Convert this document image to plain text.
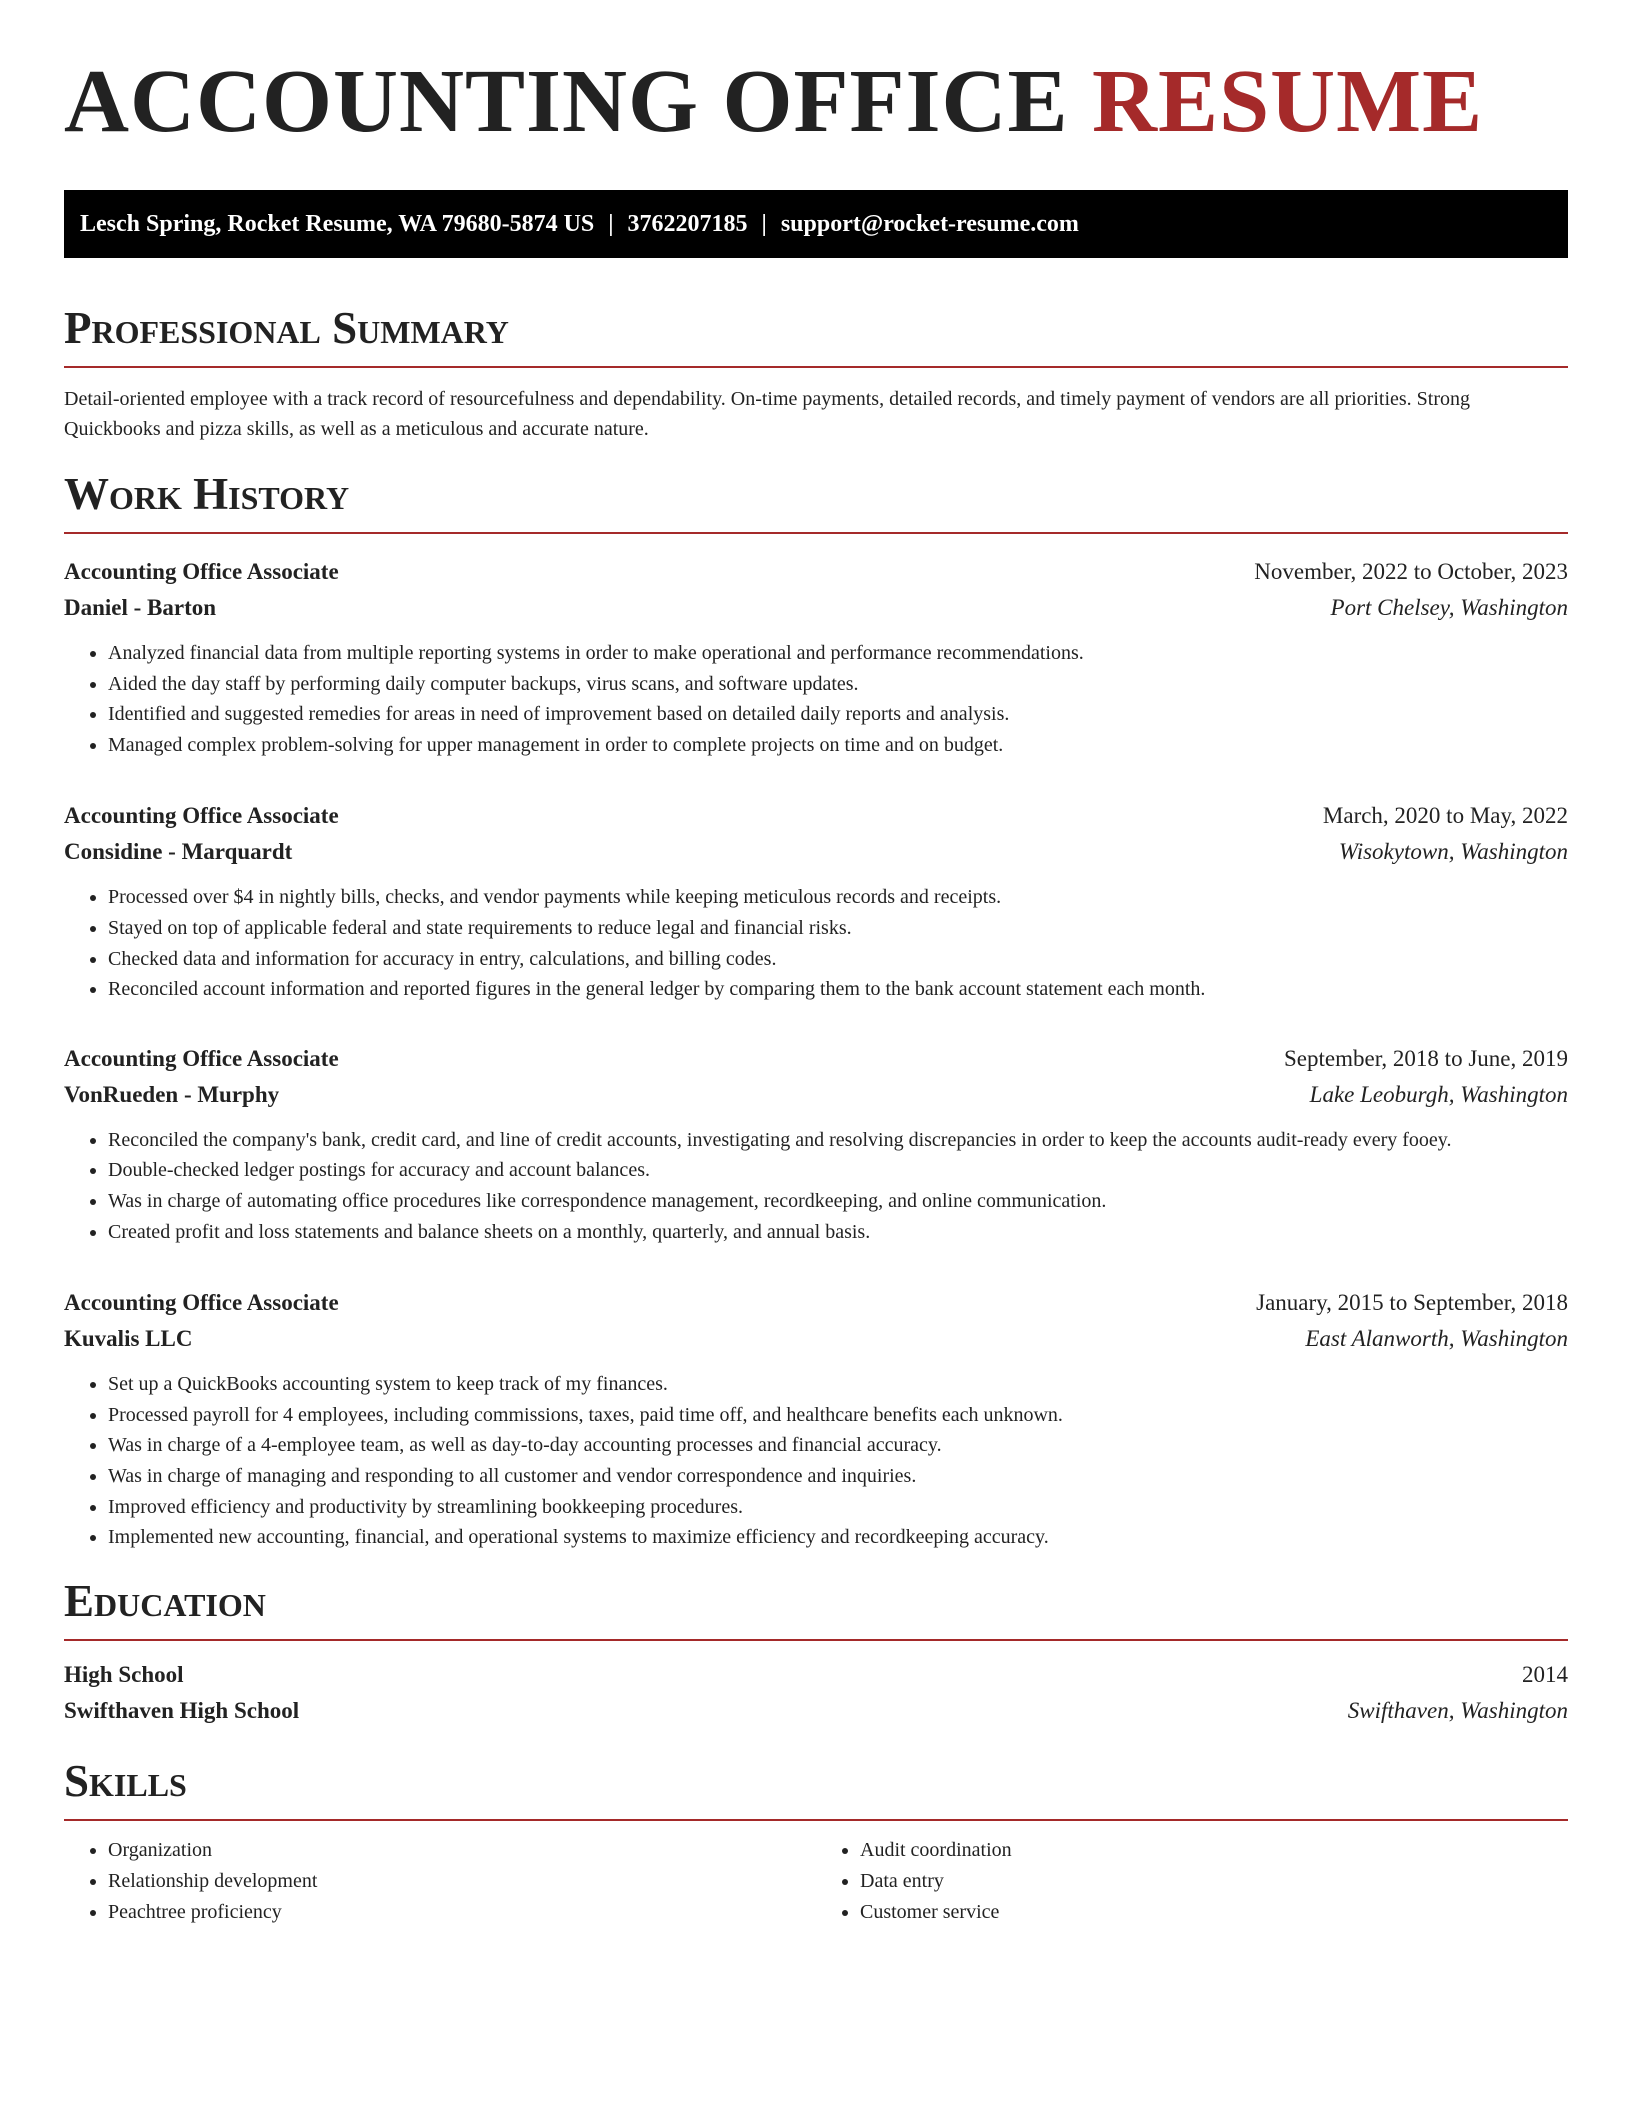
ACCOUNTING OFFICE RESUME
Lesch Spring, Rocket Resume, WA 79680-5874 US | 3762207185 | support@rocket-resume.com
Professional Summary

Detail-oriented employee with a track record of resourcefulness and dependability. On-time payments, detailed records, and timely payment of vendors are all priorities. Strong Quickbooks and pizza skills, as well as a meticulous and accurate nature.

Work History
Accounting Office Associate	November, 2022 to October, 2023
Daniel - Barton	Port Chelsey, Washington
• Analyzed financial data from multiple reporting systems in order to make operational and performance recommendations.
• Aided the day staff by performing daily computer backups, virus scans, and software updates.
• Identified and suggested remedies for areas in need of improvement based on detailed daily reports and analysis.
• Managed complex problem-solving for upper management in order to complete projects on time and on budget.
Accounting Office Associate	March, 2020 to May, 2022
Considine - Marquardt	Wisokytown, Washington
• Processed over $4 in nightly bills, checks, and vendor payments while keeping meticulous records and receipts.
• Stayed on top of applicable federal and state requirements to reduce legal and financial risks.
• Checked data and information for accuracy in entry, calculations, and billing codes.
• Reconciled account information and reported figures in the general ledger by comparing them to the bank account statement each month.
Accounting Office Associate	September, 2018 to June, 2019
VonRueden - Murphy	Lake Leoburgh, Washington
• Reconciled the company's bank, credit card, and line of credit accounts, investigating and resolving discrepancies in order to keep the accounts audit-ready every fooey.
• Double-checked ledger postings for accuracy and account balances.
• Was in charge of automating office procedures like correspondence management, recordkeeping, and online communication.
• Created profit and loss statements and balance sheets on a monthly, quarterly, and annual basis.
Accounting Office Associate	January, 2015 to September, 2018
Kuvalis LLC	East Alanworth, Washington
• Set up a QuickBooks accounting system to keep track of my finances.
• Processed payroll for 4 employees, including commissions, taxes, paid time off, and healthcare benefits each unknown.
• Was in charge of a 4-employee team, as well as day-to-day accounting processes and financial accuracy.
• Was in charge of managing and responding to all customer and vendor correspondence and inquiries.
• Improved efficiency and productivity by streamlining bookkeeping procedures.
• Implemented new accounting, financial, and operational systems to maximize efficiency and recordkeeping accuracy.
Education
High School	2014
Swifthaven High School	Swifthaven, Washington
Skills
• Organization
• Relationship development
• Peachtree proficiency
• Audit coordination
• Data entry
• Customer service
